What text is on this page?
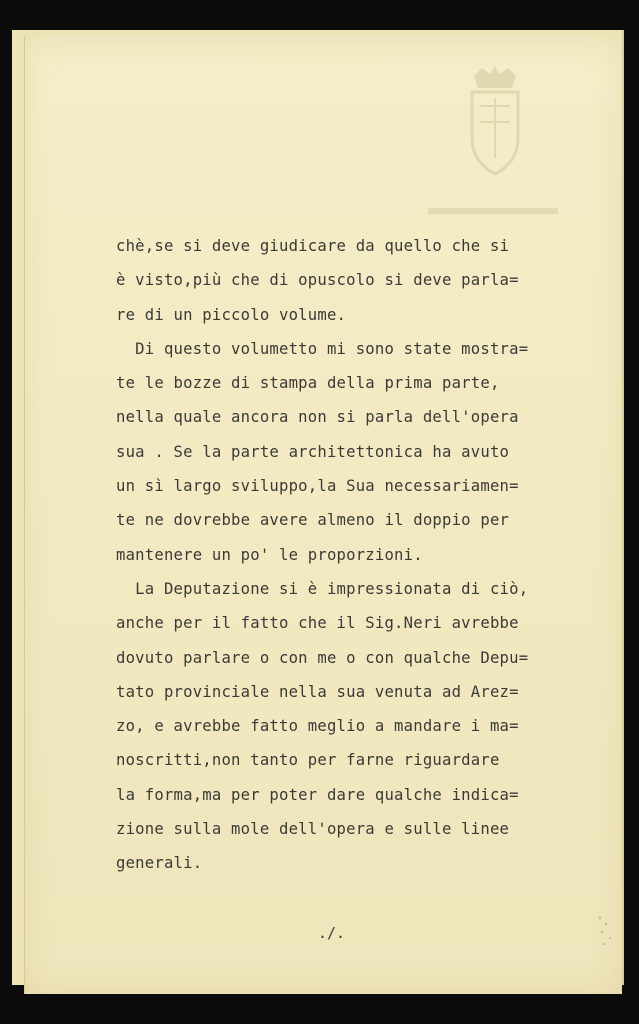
chè,se si deve giudicare da quello che si
è visto,più che di opuscolo si deve parla=
re di un piccolo volume.
Di questo volumetto mi sono state mostra=
te le bozze di stampa della prima parte,
nella quale ancora non si parla dell'opera
sua . Se la parte architettonica ha avuto
un sì largo sviluppo,la Sua necessariamen=
te ne dovrebbe avere almeno il doppio per
mantenere un po' le proporzioni.
La Deputazione si è impressionata di ciò,
anche per il fatto che il Sig.Neri avrebbe
dovuto parlare o con me o con qualche Depu=
tato provinciale nella sua venuta ad Arez=
zo, e avrebbe fatto meglio a mandare i ma=
noscritti,non tanto per farne riguardare
la forma,ma per poter dare qualche indica=
zione sulla mole dell'opera e sulle linee
generali.
./.
